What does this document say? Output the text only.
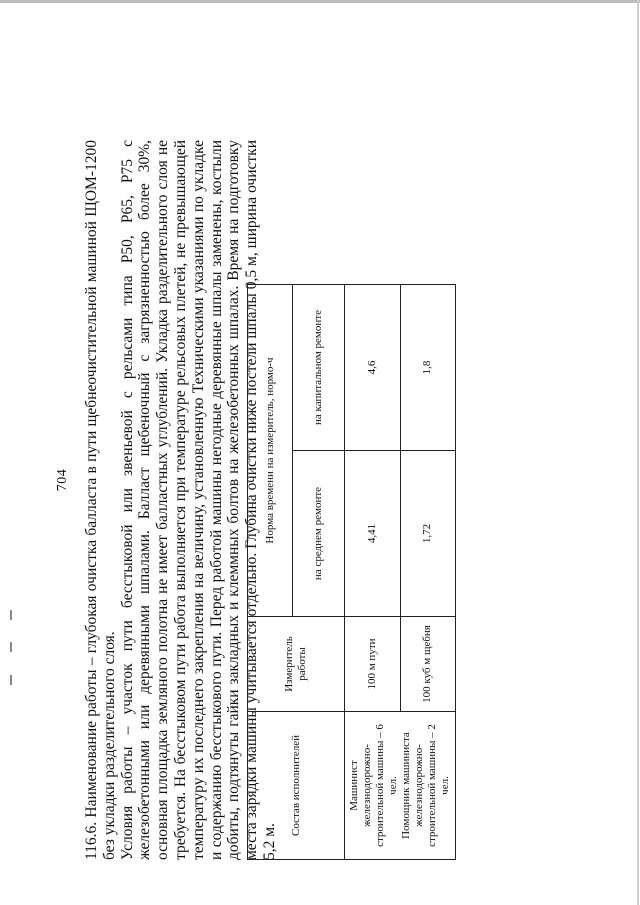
704 116.6. Наименование работы – глубокая очистка балласта в пути щебнеочистительной машиной ЩОМ-1200 без укладки разделительного слоя. Условия работы – участок пути бесстыковой или звеньевой с рельсами типа Р50, Р65, Р75 с железобетонными или деревянными шпалами. Балласт щебеночный с загрязненностью более 30%, основная площадка земляного полотна не имеет балластных углублений. Укладка разделительного слоя не требуется. На бесстыковом пути работа выполняется при температуре рельсовых плетей, не превышающей температуру их последнего закрепления на величину, установленную Техническими указаниями по укладке и содержанию бесстыкового пути. Перед работой машины негодные деревянные шпалы заменены, костыли добиты, подтянуты гайки закладных и клеммных болтов на железобетонных шпалах. Время на подготовку места зарядки машины учитывается отдельно. Глубина очистки ниже постели шпалы 0,5 м, ширина очистки 5,2 м.

Состав исполнителей	Измеритель работы	Норма времени на измеритель, нормо-ч	
		на среднем ремонте	на капитальном ремонте

Машинист железнодорожно-строительной машины – 6 чел. Помощник машиниста железнодорожно-строительной машины – 2 чел.	100 м пути	4,41	4,6
	100 куб м щебня	1,72	1,8
